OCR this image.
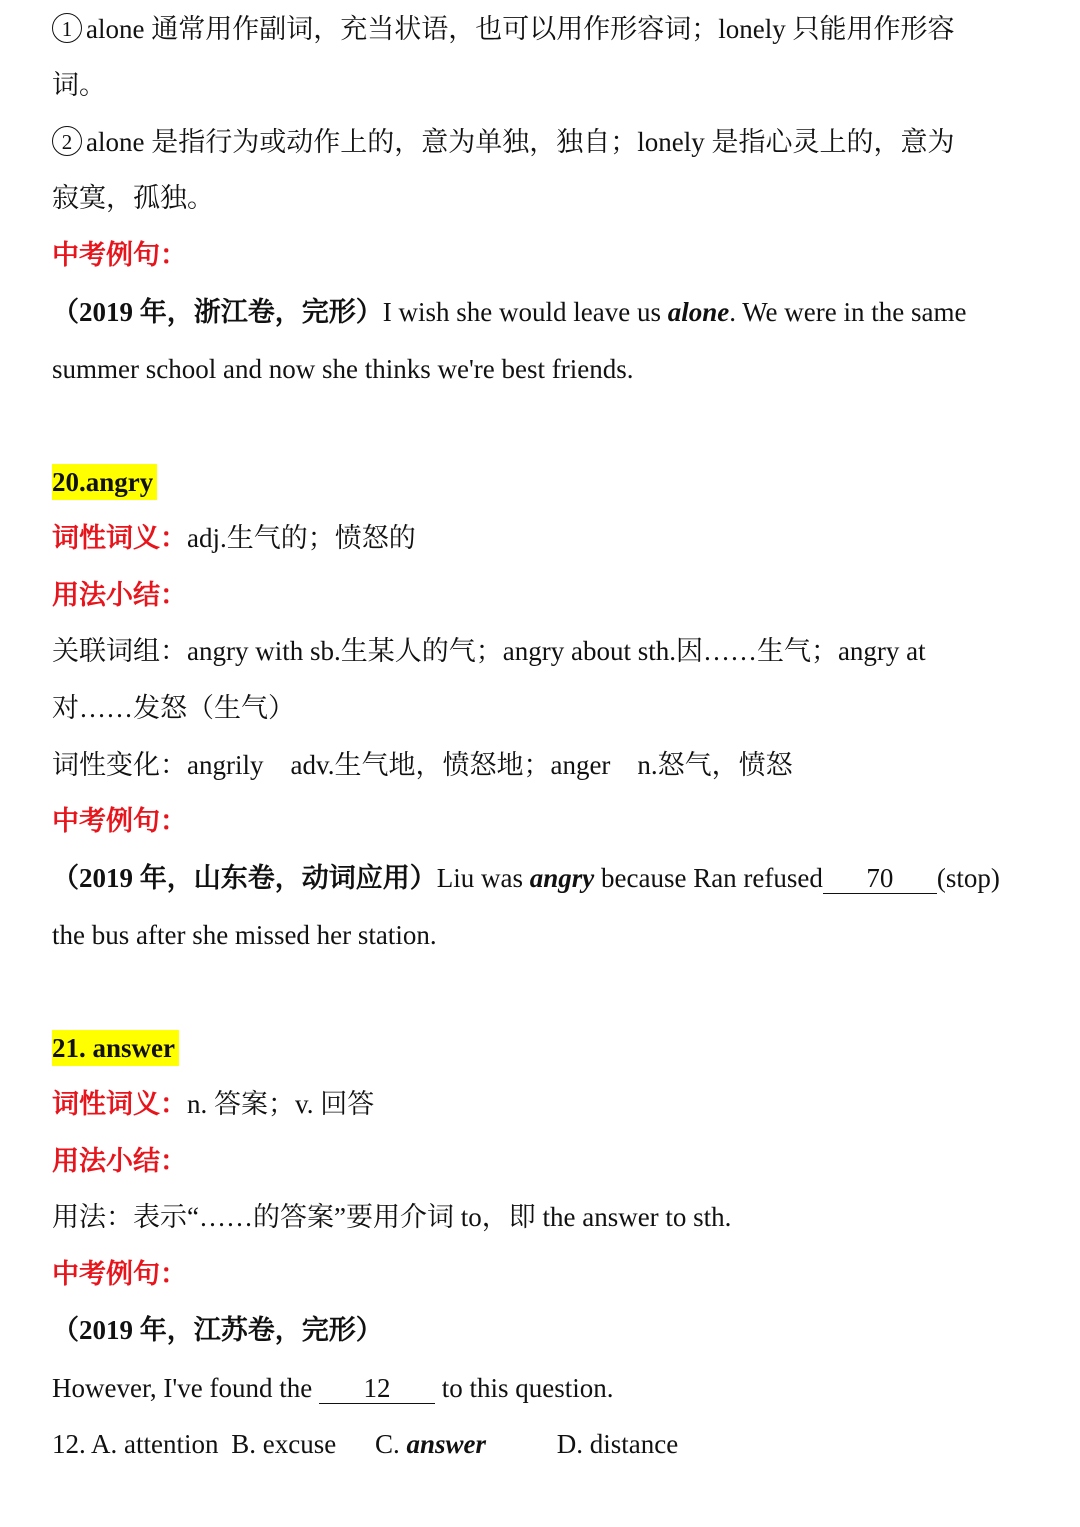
1 alone 通常用作副词，充当状语，也可以用作形容词；lonely 只能用作形容
词。
2 alone 是指行为或动作上的，意为单独，独自；lonely 是指心灵上的，意为
寂寞，孤独。
中考例句：
（2019 年，浙江卷，完形）I wish she would leave us alone. We were in the same
summer school and now she thinks we're best friends.
20.angry
词性词义：adj.生气的；愤怒的
用法小结：
关联词组：angry with sb.生某人的气；angry about sth.因……生气；angry at
对……发怒（生气）
词性变化：angrily　adv.生气地，愤怒地；anger　n.怒气，愤怒
中考例句：
（2019 年，山东卷，动词应用）Liu was angry because Ran refused 70 (stop)
the bus after she missed her station.
21. answer
词性词义：n. 答案；v. 回答
用法小结：
用法：表示“……的答案”要用介词 to，即 the answer to sth.
中考例句：
（2019 年，江苏卷，完形）
However, I've found the 12 to this question.
12. A. attention B. excuse C. answer	D. distance
